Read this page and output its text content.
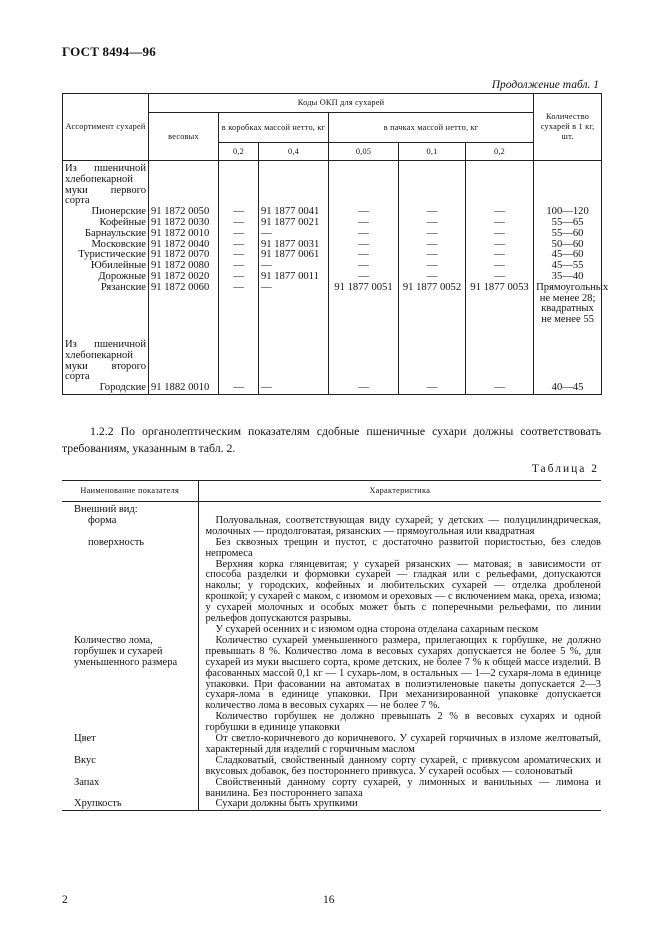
ГОСТ 8494—96
Продолжение табл. 1
Ассортимент сухарей	Коды ОКП для сухарей						Количество сухарей в 1 кг, шт.
	весовых	в коробках массой нетто, кг		в пачках массой нетто, кг			
		0,2	0,4	0,05	0,1	0,2	
Из пшеничной хлебопекарной муки первого сорта							
Пионерские	91 1872 0050	—	91 1877 0041	—	—	—	100—120
Кофейные	91 1872 0030	—	91 1877 0021	—	—	—	55—65
Барнаульские	91 1872 0010	—	—	—	—	—	55—60
Московские	91 1872 0040	—	91 1877 0031	—	—	—	50—60
Туристические	91 1872 0070	—	91 1877 0061	—	—	—	45—60
Юбилейные	91 1872 0080	—	—	—	—	—	45—55
Дорожные	91 1872 0020	—	91 1877 0011	—	—	—	35—40
Рязанские	91 1872 0060	—	—	91 1877 0051	91 1877 0052	91 1877 0053	Прямоугольных не менее 28; квадратных не менее 55
Из пшеничной хлебопекарной муки второго сорта							
Городские	91 1882 0010	—	—	—	—	—	40—45
1.2.2 По органолептическим показателям сдобные пшеничные сухари должны соответствовать требованиям, указанным в табл. 2.
Таблица 2
Наименование показателя	Характеристика
Внешний вид:	
форма	Полуовальная, соответствующая виду сухарей; у детских — полуцилиндрическая, молочных — продолговатая, рязанских — прямоугольная или квадратная
поверхность	Без сквозных трещин и пустот, с достаточно развитой пористостью, без следов непромеса
	Верхняя корка глянцевитая; у сухарей рязанских — матовая; в зависимости от способа разделки и формовки сухарей — гладкая или с рельефами, допускаются наколы; у городских, кофейных и любительских сухарей — отделка дробленой крошкой; у сухарей с маком, с изюмом и ореховых — с включением мака, ореха, изюма; у сухарей молочных и особых может быть с поперечными рельефами, по линии рельефов допускаются разрывы.
	У сухарей осенних и с изюмом одна сторона отделана сахарным песком
Количество лома, горбушек и сухарей уменьшенного размера	Количество сухарей уменьшенного размера, прилегающих к горбушке, не должно превышать 8 %. Количество лома в весовых сухарях допускается не более 5 %, для сухарей из муки высшего сорта, кроме детских, не более 7 % к общей массе изделий. В фасованных массой 0,1 кг — 1 сухарь-лом, в остальных — 1—2 сухаря-лома в единице упаковки. При фасовании на автоматах в полиэтиленовые пакеты допускается 2—3 сухаря-лома в единице упаковки. При механизированной упаковке допускается количество лома в весовых сухарях — не более 7 %.
	Количество горбушек не должно превышать 2 % в весовых сухарях и одной горбушки в единице упаковки
Цвет	От светло-коричневого до коричневого. У сухарей горчичных в изломе желтоватый, характерный для изделий с горчичным маслом
Вкус	Сладковатый, свойственный данному сорту сухарей, с привкусом ароматических и вкусовых добавок, без постороннего привкуса. У сухарей особых — солоноватый
Запах	Свойственный данному сорту сухарей, у лимонных и ванильных — лимона и ванилина. Без постороннего запаха
Хрупкость	Сухари должны быть хрупкими
2	16
